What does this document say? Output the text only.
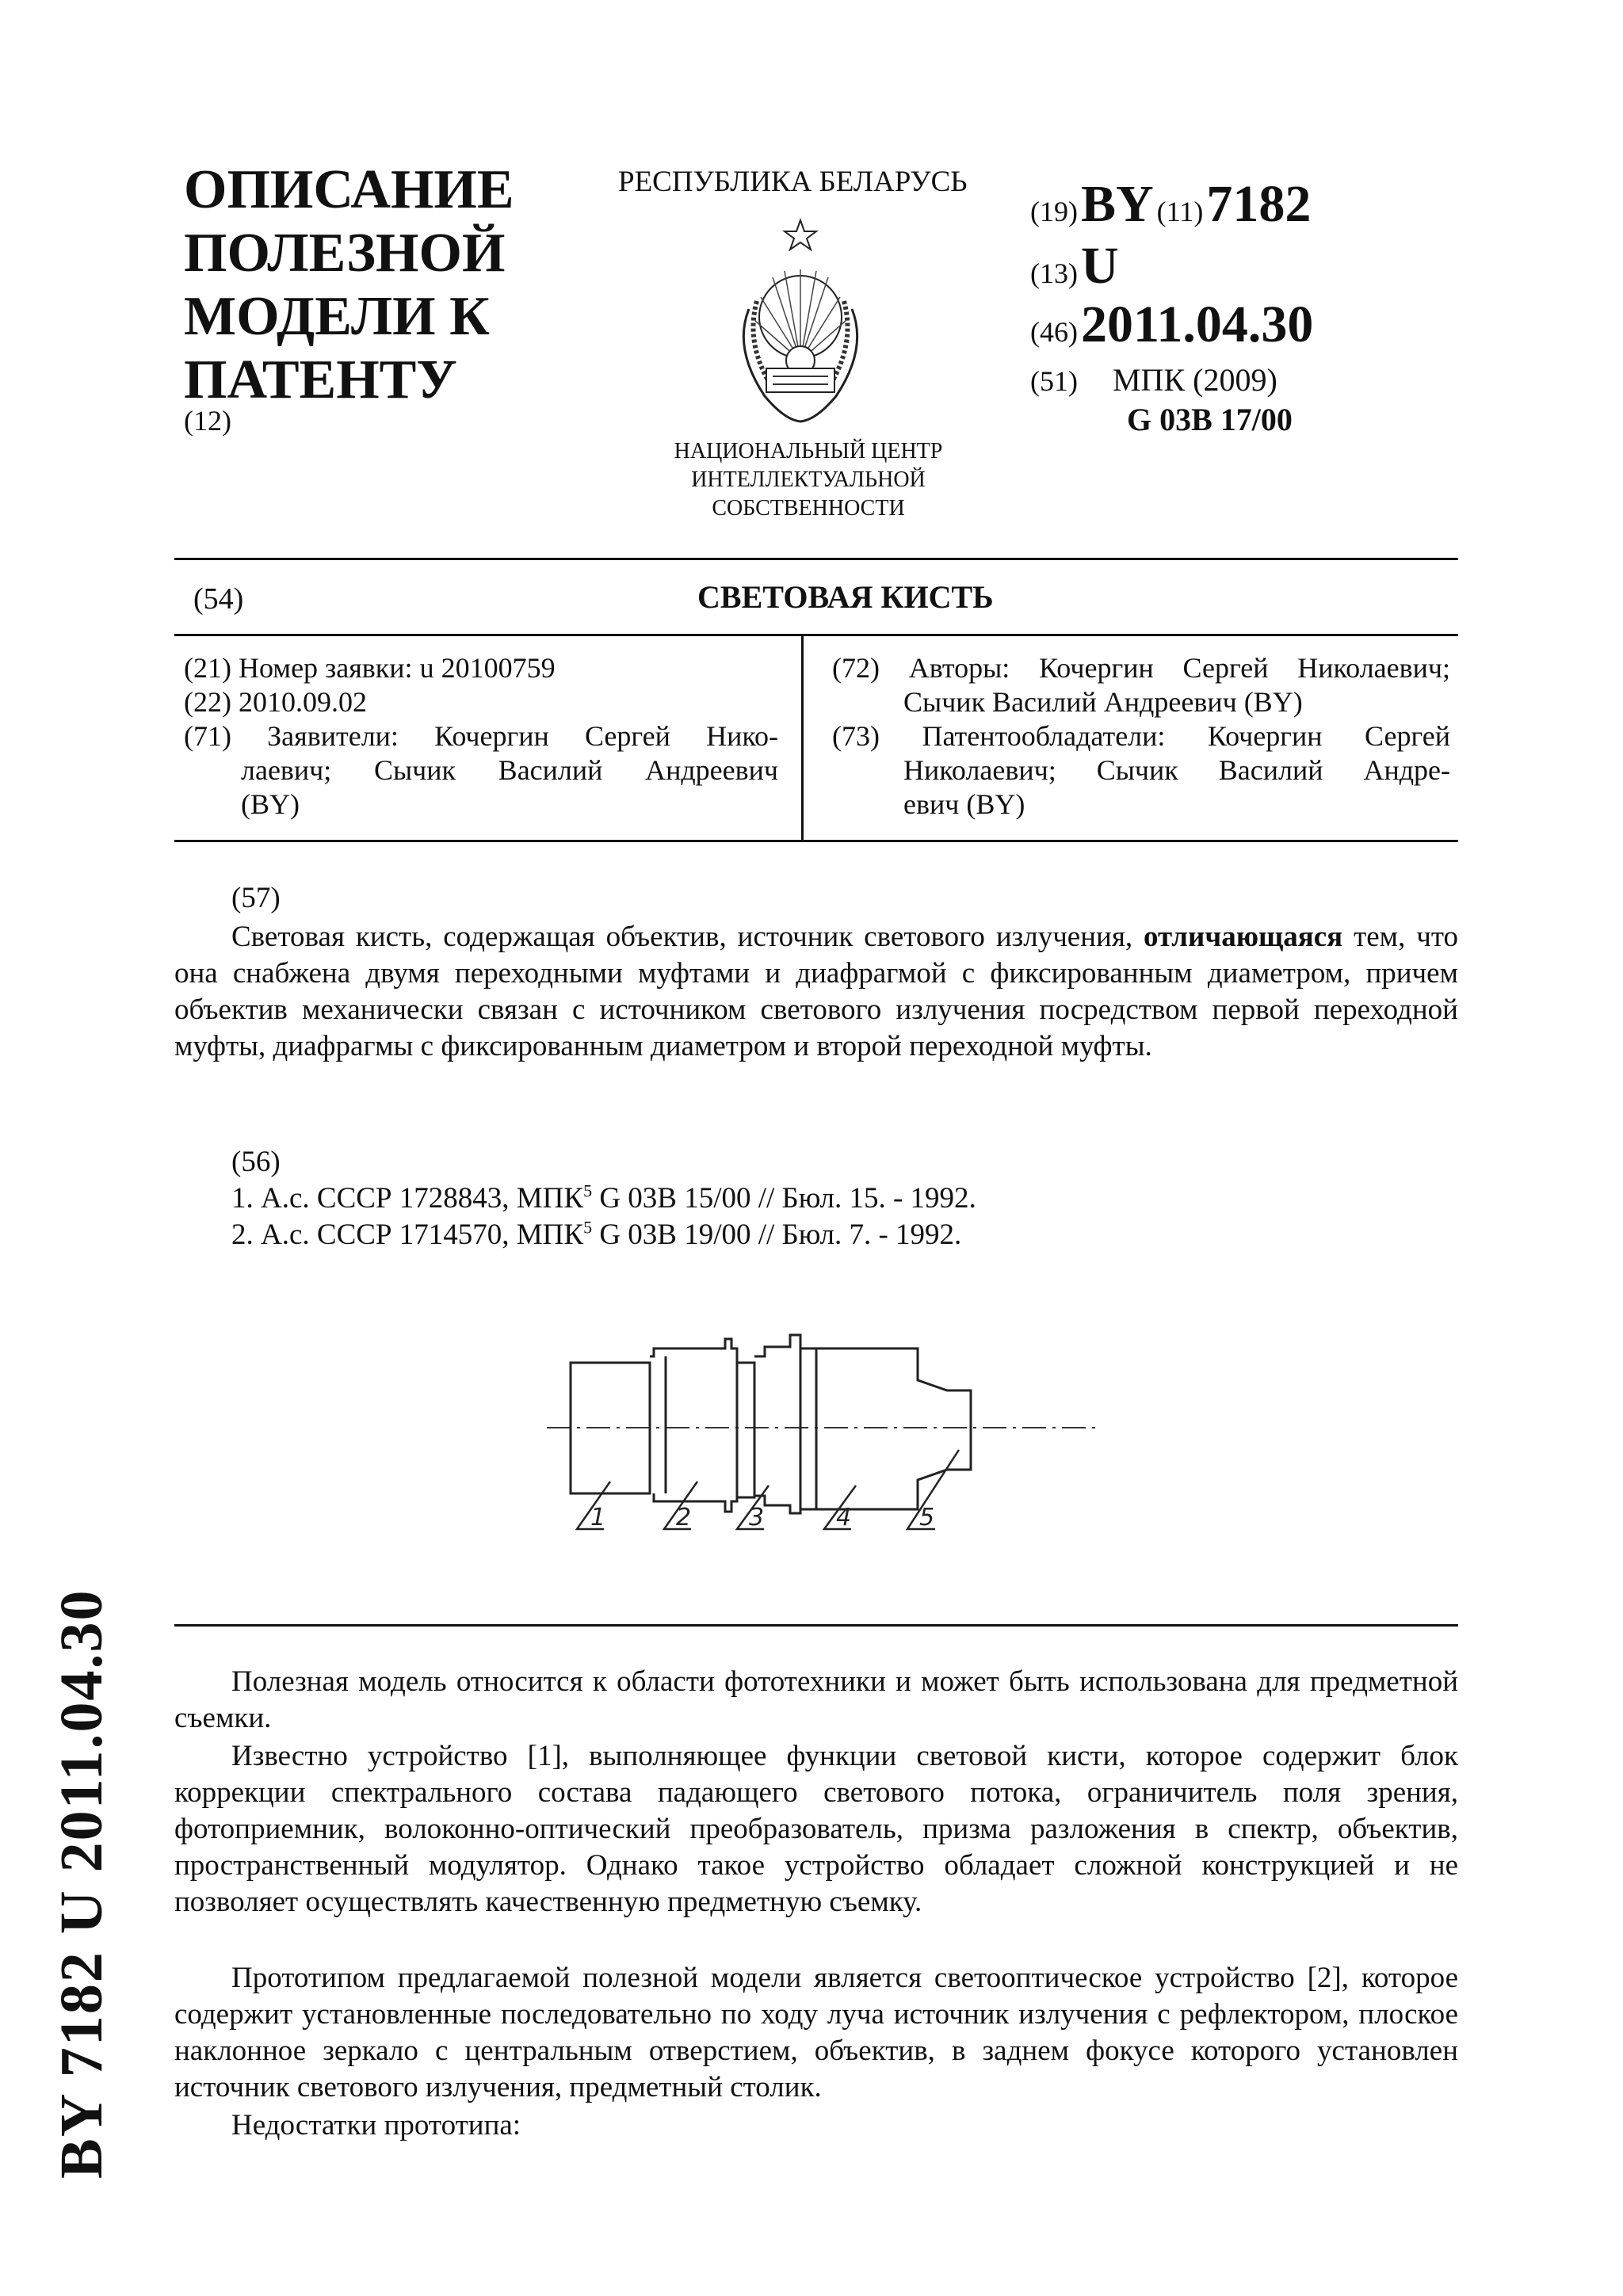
ОПИСАНИЕ
ПОЛЕЗНОЙ
МОДЕЛИ К
ПАТЕНТУ
(12)
РЕСПУБЛИКА БЕЛАРУСЬ
НАЦИОНАЛЬНЫЙ ЦЕНТР
ИНТЕЛЛЕКТУАЛЬНОЙ
СОБСТВЕННОСТИ
(19) BY (11) 7182
(13) U
(46) 2011.04.30
(51) МПК (2009)
G 03B 17/00
(54)	СВЕТОВАЯ КИСТЬ
(21) Номер заявки: u 20100759
(22) 2010.09.02
(71) Заявители: Кочергин Сергей Нико-
лаевич; Сычик Василий Андреевич
(BY)
(72) Авторы: Кочергин Сергей Николаевич;
Сычик Василий Андреевич (BY)
(73) Патентообладатели: Кочергин Сергей
Николаевич; Сычик Василий Андре-
евич (BY)
(57)
Световая кисть, содержащая объектив, источник светового излучения, отличающаяся тем, что она снабжена двумя переходными муфтами и диафрагмой с фиксированным диаметром, причем объектив механически связан с источником светового излучения посредством первой переходной муфты, диафрагмы с фиксированным диаметром и второй переходной муфты.
(56)
1. А.с. СССР 1728843, МПК$^5$ G 03B 15/00 // Бюл. 15. - 1992.
2. А.с. СССР 1714570, МПК$^5$ G 03B 19/00 // Бюл. 7. - 1992.
1	2 3	4	5
Полезная модель относится к области фототехники и может быть использована для предметной съемки.
Известно устройство [1], выполняющее функции световой кисти, которое содержит блок коррекции спектрального состава падающего светового потока, ограничитель поля зрения, фотоприемник, волоконно-оптический преобразователь, призма разложения в спектр, объектив, пространственный модулятор. Однако такое устройство обладает сложной конструкцией и не позволяет осуществлять качественную предметную съемку.
Прототипом предлагаемой полезной модели является светооптическое устройство [2], которое содержит установленные последовательно по ходу луча источник излучения с рефлектором, плоское наклонное зеркало с центральным отверстием, объектив, в заднем фокусе которого установлен источник светового излучения, предметный столик.
Недостатки прототипа:
BY 7182 U 2011.04.30
